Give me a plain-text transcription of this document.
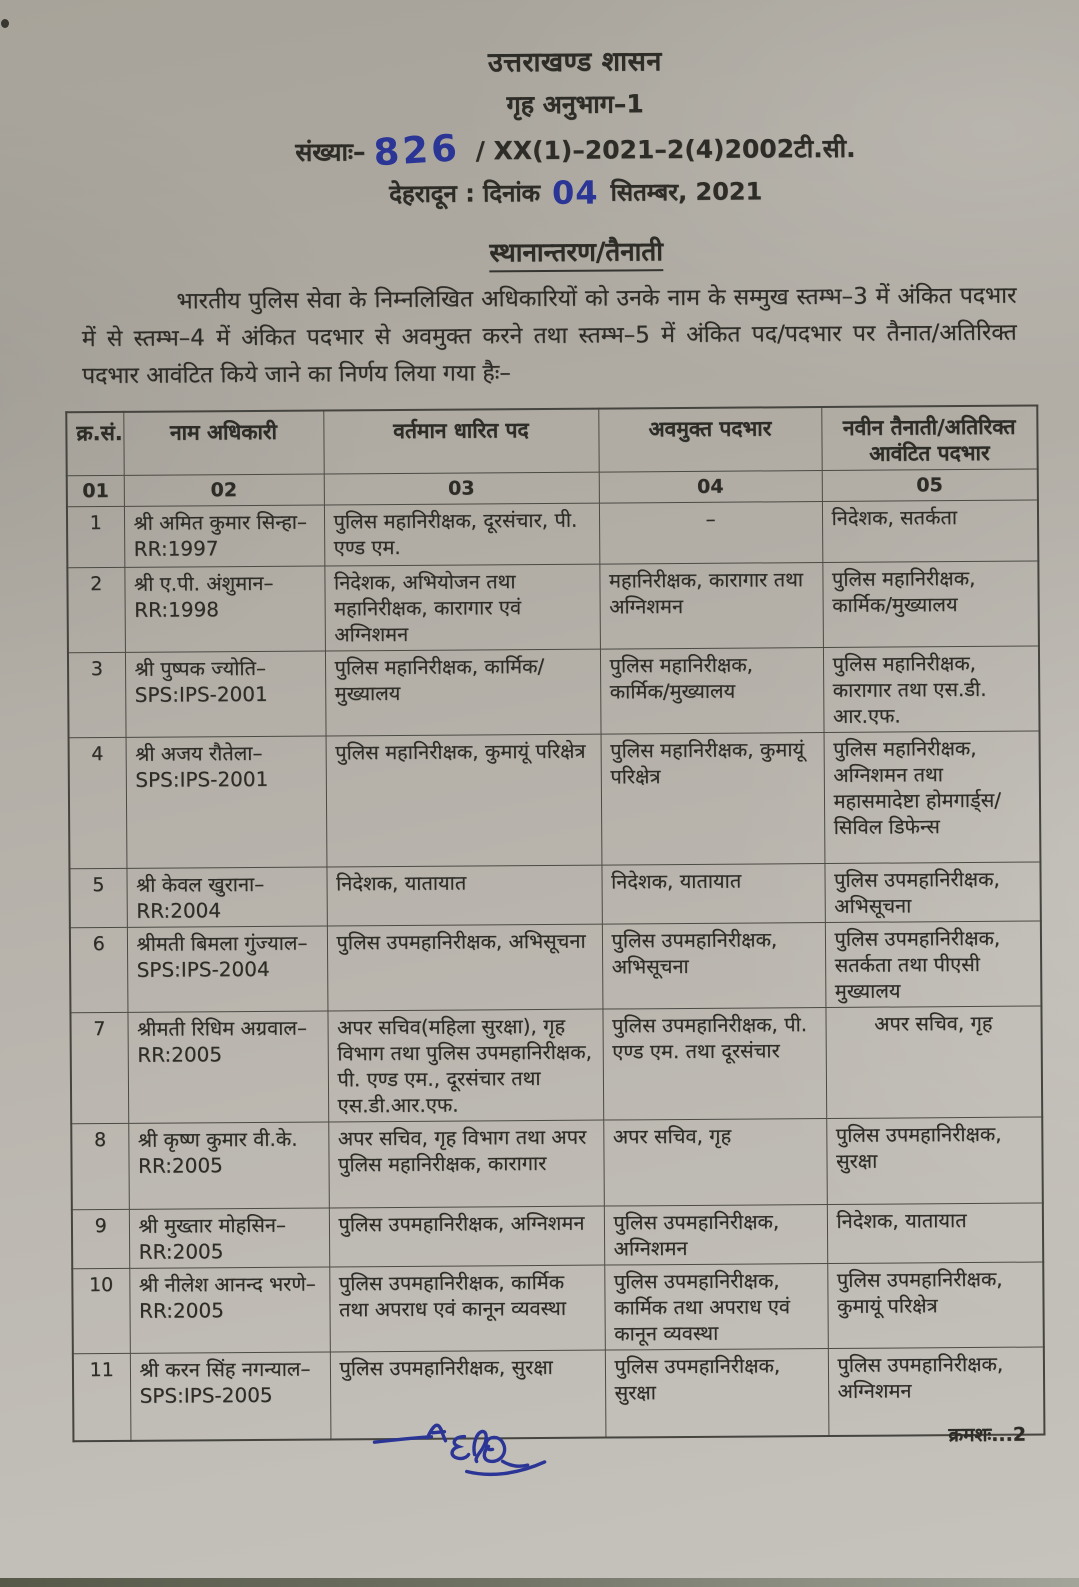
उत्तराखण्ड शासन
गृह अनुभाग–1
संख्याः– 826 / XX(1)–2021–2(4)2002टी.सी.
देहरादून : दिनांक 04 सितम्बर, 2021
स्थानान्तरण/तैनाती

भारतीय पुलिस सेवा के निम्नलिखित अधिकारियों को उनके नाम के सम्मुख स्तम्भ–3 में अंकित पदभार में से स्तम्भ–4 में अंकित पदभार से अवमुक्त करने तथा स्तम्भ–5 में अंकित पद/पदभार पर तैनात/अतिरिक्त पदभार आवंटित किये जाने का निर्णय लिया गया हैः–

क्र.सं.	नाम अधिकारी	वर्तमान धारित पद	अवमुक्त पदभार	नवीन तैनाती/अतिरिक्त आवंटित पदभार
01	02	03	04	05
1	श्री अमित कुमार सिन्हा– RR:1997	पुलिस महानिरीक्षक, दूरसंचार, पी. एण्ड एम.	–	निदेशक, सतर्कता
2	श्री ए.पी. अंशुमान– RR:1998	निदेशक, अभियोजन तथा महानिरीक्षक, कारागार एवं अग्निशमन	महानिरीक्षक, कारागार तथा अग्निशमन	पुलिस महानिरीक्षक, कार्मिक/मुख्यालय
3	श्री पुष्पक ज्योति– SPS:IPS-2001	पुलिस महानिरीक्षक, कार्मिक/मुख्यालय	पुलिस महानिरीक्षक, कार्मिक/मुख्यालय	पुलिस महानिरीक्षक, कारागार तथा एस.डी. आर.एफ.
4	श्री अजय रौतेला– SPS:IPS-2001	पुलिस महानिरीक्षक, कुमायूं परिक्षेत्र	पुलिस महानिरीक्षक, कुमायूं परिक्षेत्र	पुलिस महानिरीक्षक, अग्निशमन तथा महासमादेष्टा होमगार्ड्स/सिविल डिफेन्स
5	श्री केवल खुराना– RR:2004	निदेशक, यातायात	निदेशक, यातायात	पुलिस उपमहानिरीक्षक, अभिसूचना
6	श्रीमती बिमला गुंज्याल– SPS:IPS-2004	पुलिस उपमहानिरीक्षक, अभिसूचना	पुलिस उपमहानिरीक्षक, अभिसूचना	पुलिस उपमहानिरीक्षक, सतर्कता तथा पीएसी मुख्यालय
7	श्रीमती रिधिम अग्रवाल– RR:2005	अपर सचिव(महिला सुरक्षा), गृह विभाग तथा पुलिस उपमहानिरीक्षक, पी. एण्ड एम., दूरसंचार तथा एस.डी.आर.एफ.	पुलिस उपमहानिरीक्षक, पी. एण्ड एम. तथा दूरसंचार	अपर सचिव, गृह
8	श्री कृष्ण कुमार वी.के. RR:2005	अपर सचिव, गृह विभाग तथा अपर पुलिस महानिरीक्षक, कारागार	अपर सचिव, गृह	पुलिस उपमहानिरीक्षक, सुरक्षा
9	श्री मुख्तार मोहसिन– RR:2005	पुलिस उपमहानिरीक्षक, अग्निशमन	पुलिस उपमहानिरीक्षक, अग्निशमन	निदेशक, यातायात
10	श्री नीलेश आनन्द भरणे– RR:2005	पुलिस उपमहानिरीक्षक, कार्मिक तथा अपराध एवं कानून व्यवस्था	पुलिस उपमहानिरीक्षक, कार्मिक तथा अपराध एवं कानून व्यवस्था	पुलिस उपमहानिरीक्षक, कुमायूं परिक्षेत्र
11	श्री करन सिंह नगन्याल– SPS:IPS-2005	पुलिस उपमहानिरीक्षक, सुरक्षा	पुलिस उपमहानिरीक्षक, सुरक्षा	पुलिस उपमहानिरीक्षक, अग्निशमन
क्रमशः...2
